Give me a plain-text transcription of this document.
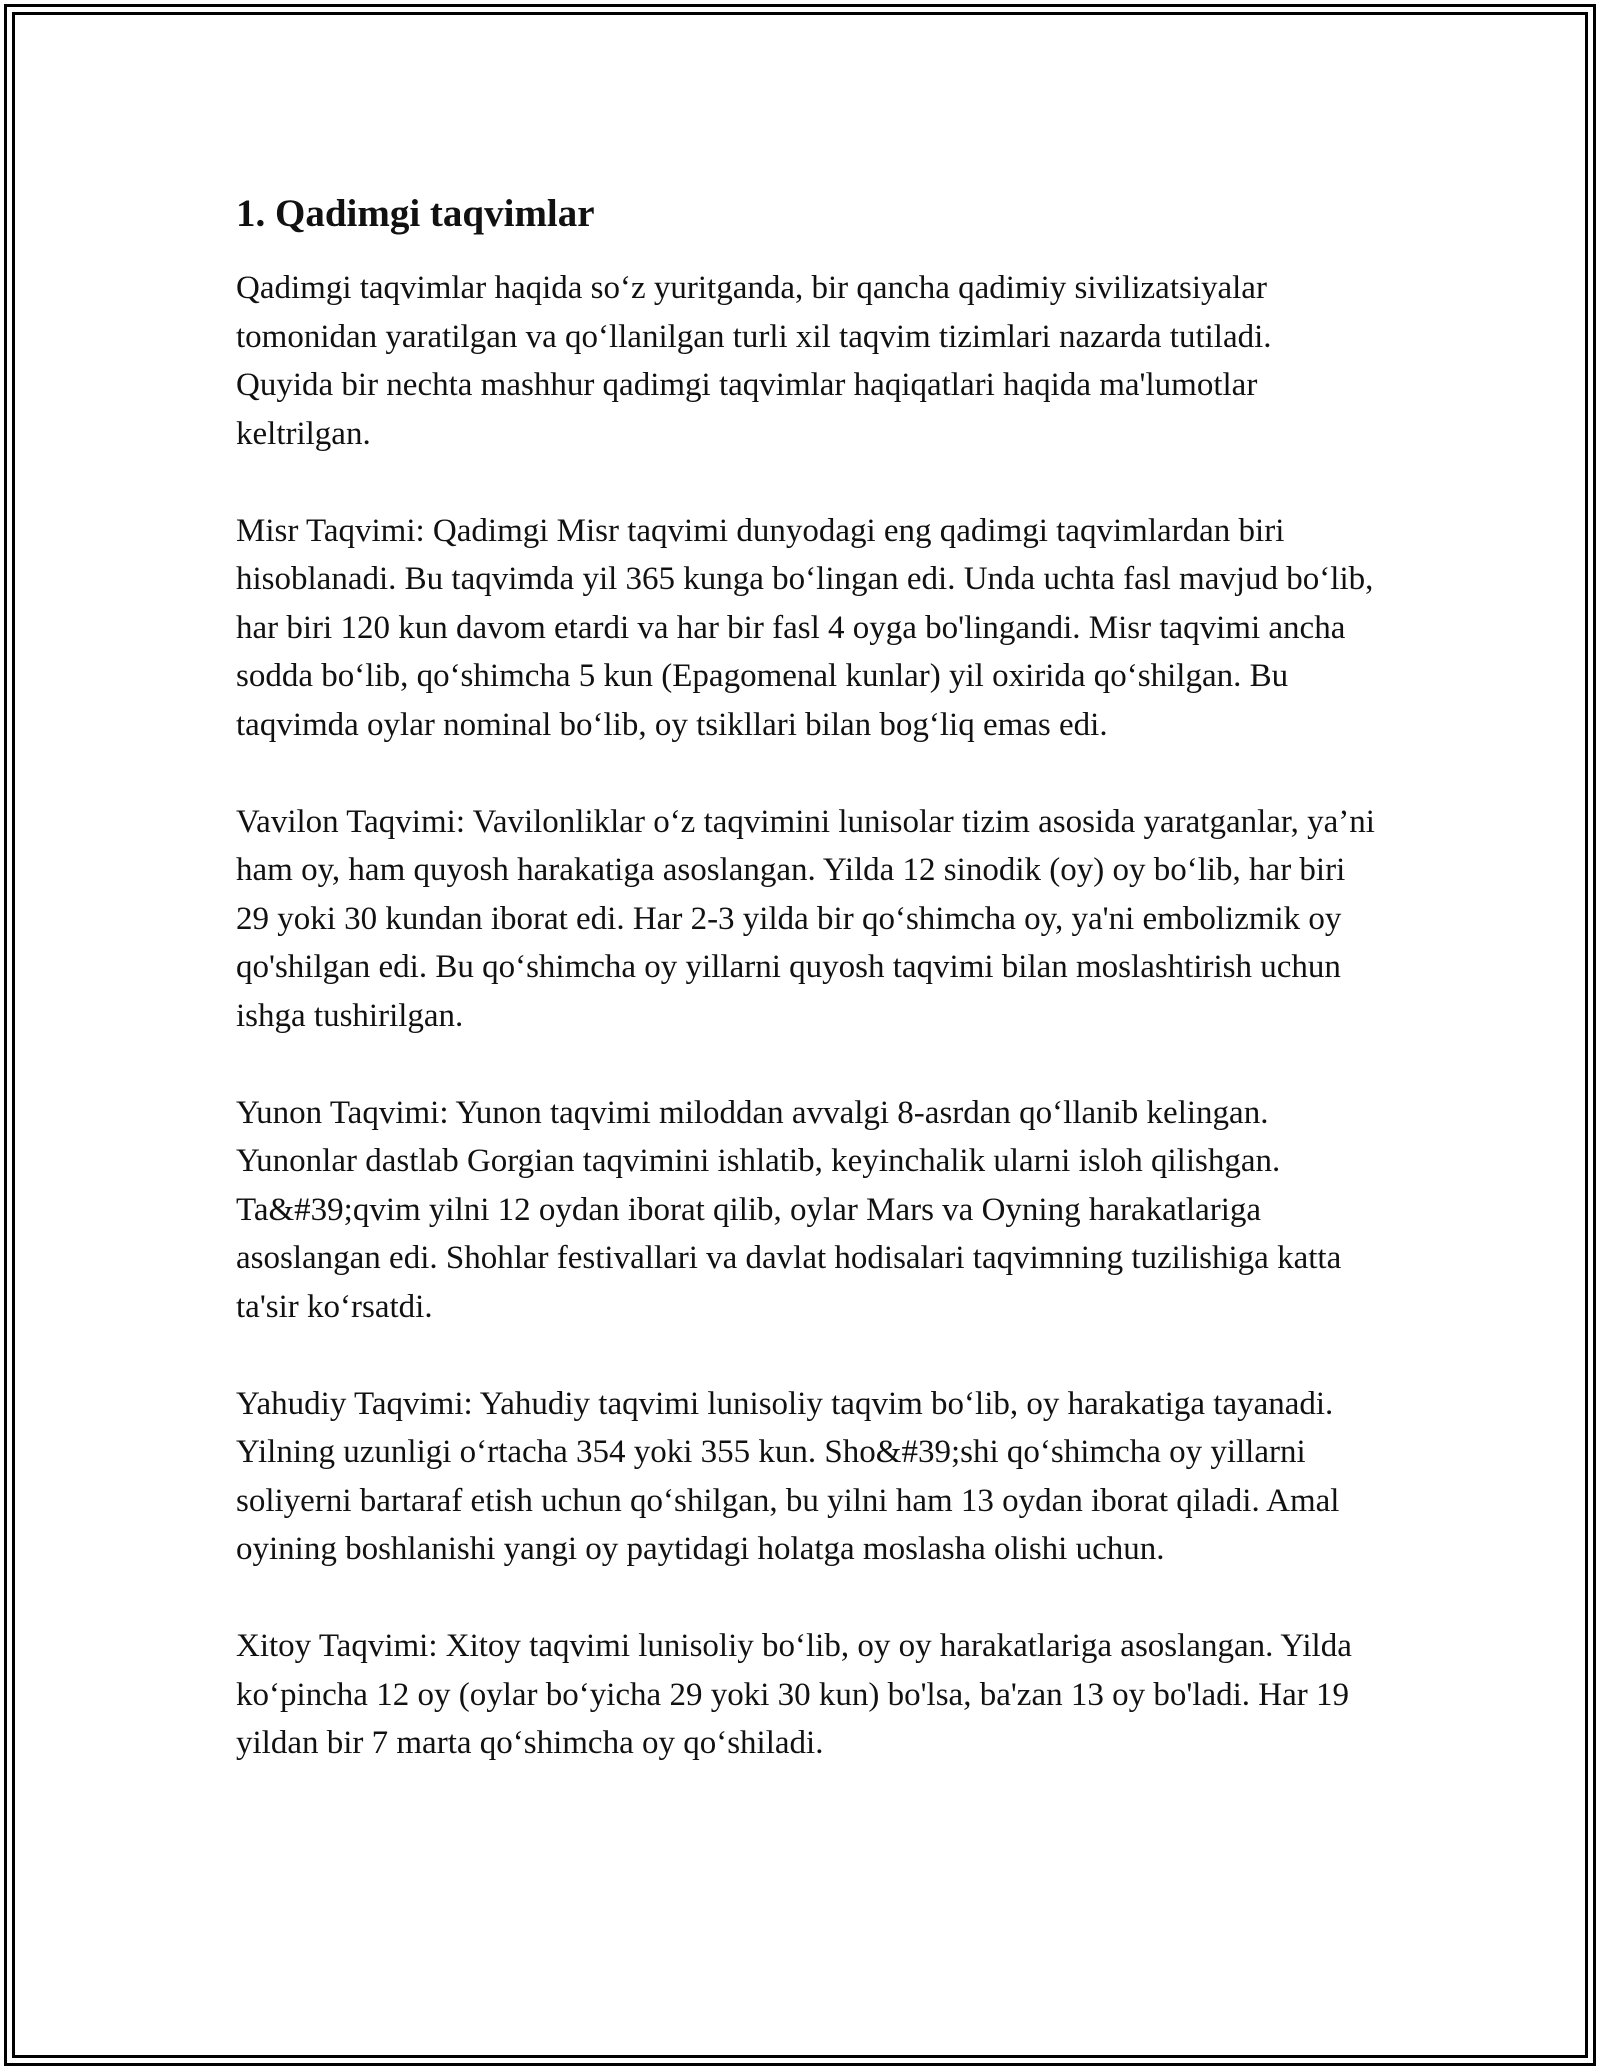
1. Qadimgi taqvimlar

Qadimgi taqvimlar haqida so‘z yuritganda, bir qancha qadimiy sivilizatsiyalar tomonidan yaratilgan va qo‘llanilgan turli xil taqvim tizimlari nazarda tutiladi. Quyida bir nechta mashhur qadimgi taqvimlar haqiqatlari haqida ma'lumotlar keltrilgan.

Misr Taqvimi: Qadimgi Misr taqvimi dunyodagi eng qadimgi taqvimlardan biri hisoblanadi. Bu taqvimda yil 365 kunga bo‘lingan edi. Unda uchta fasl mavjud bo‘lib, har biri 120 kun davom etardi va har bir fasl 4 oyga bo'lingandi. Misr taqvimi ancha sodda bo‘lib, qo‘shimcha 5 kun (Epagomenal kunlar) yil oxirida qo‘shilgan. Bu taqvimda oylar nominal bo‘lib, oy tsikllari bilan bog‘liq emas edi.

Vavilon Taqvimi: Vavilonliklar o‘z taqvimini lunisolar tizim asosida yaratganlar, ya’ni ham oy, ham quyosh harakatiga asoslangan. Yilda 12 sinodik (oy) oy bo‘lib, har biri 29 yoki 30 kundan iborat edi. Har 2-3 yilda bir qo‘shimcha oy, ya'ni embolizmik oy qo'shilgan edi. Bu qo‘shimcha oy yillarni quyosh taqvimi bilan moslashtirish uchun ishga tushirilgan.

Yunon Taqvimi: Yunon taqvimi miloddan avvalgi 8-asrdan qo‘llanib kelingan. Yunonlar dastlab Gorgian taqvimini ishlatib, keyinchalik ularni isloh qilishgan. Ta&#39;qvim yilni 12 oydan iborat qilib, oylar Mars va Oyning harakatlariga asoslangan edi. Shohlar festivallari va davlat hodisalari taqvimning tuzilishiga katta ta'sir ko‘rsatdi.

Yahudiy Taqvimi: Yahudiy taqvimi lunisoliy taqvim bo‘lib, oy harakatiga tayanadi. Yilning uzunligi o‘rtacha 354 yoki 355 kun. Sho&#39;shi qo‘shimcha oy yillarni soliyerni bartaraf etish uchun qo‘shilgan, bu yilni ham 13 oydan iborat qiladi. Amal oyining boshlanishi yangi oy paytidagi holatga moslasha olishi uchun.

Xitoy Taqvimi: Xitoy taqvimi lunisoliy bo‘lib, oy oy harakatlariga asoslangan. Yilda ko‘pincha 12 oy (oylar bo‘yicha 29 yoki 30 kun) bo'lsa, ba'zan 13 oy bo'ladi. Har 19 yildan bir 7 marta qo‘shimcha oy qo‘shiladi.
